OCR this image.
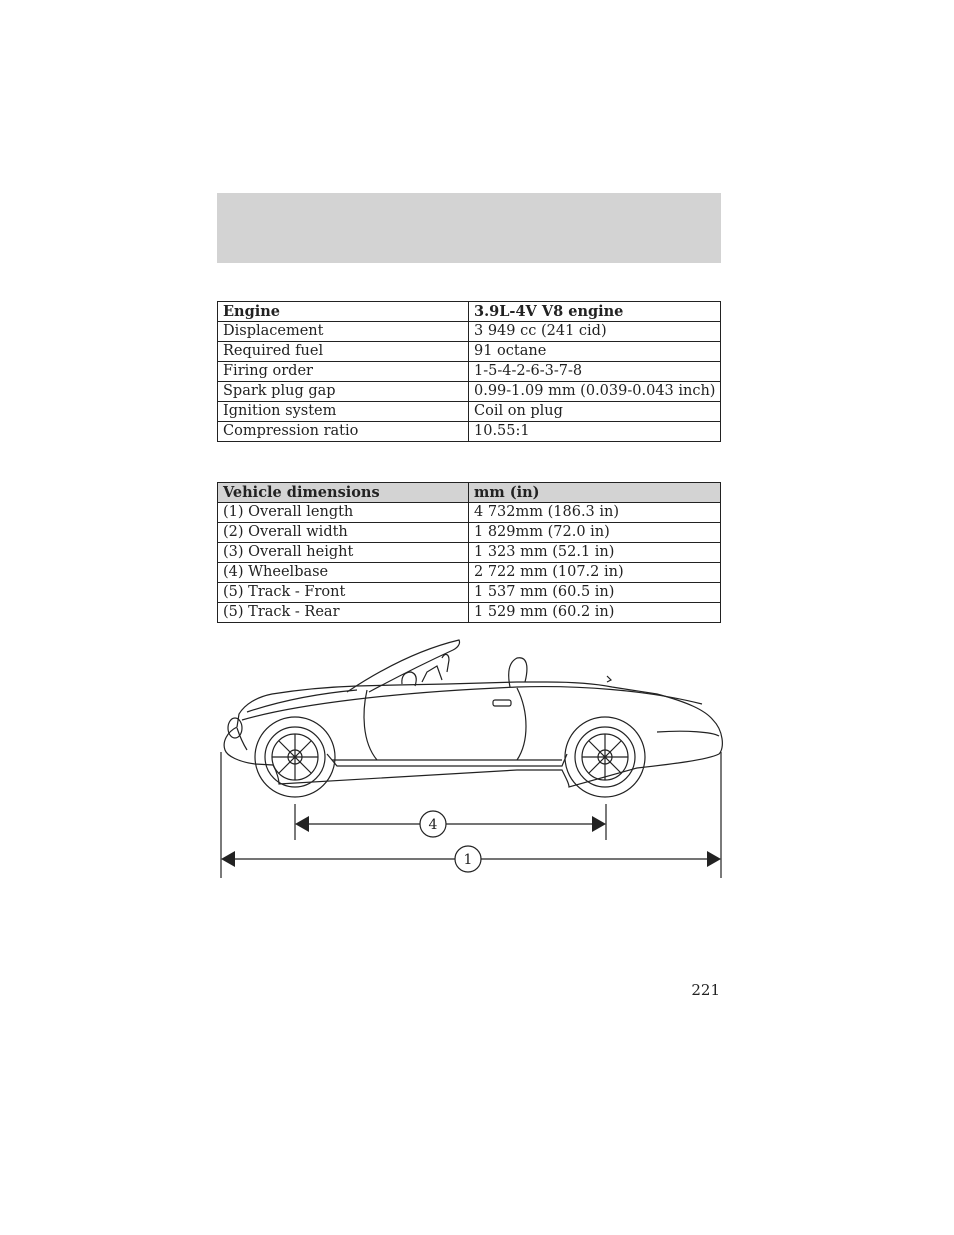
Engine	3.9L-4V V8 engine
Displacement	3 949 cc (241 cid)
Required fuel	91 octane
Firing order	1-5-4-2-6-3-7-8
Spark plug gap	0.99-1.09 mm (0.039-0.043 inch)
Ignition system	Coil on plug
Compression ratio	10.55:1
Vehicle dimensions	mm (in)
(1) Overall length	4 732mm (186.3 in)
(2) Overall width	1 829mm (72.0 in)
(3) Overall height	1 323 mm (52.1 in)
(4) Wheelbase	2 722 mm (107.2 in)
(5) Track - Front	1 537 mm (60.5 in)
(5) Track - Rear	1 529 mm (60.2 in)
4
1
221
